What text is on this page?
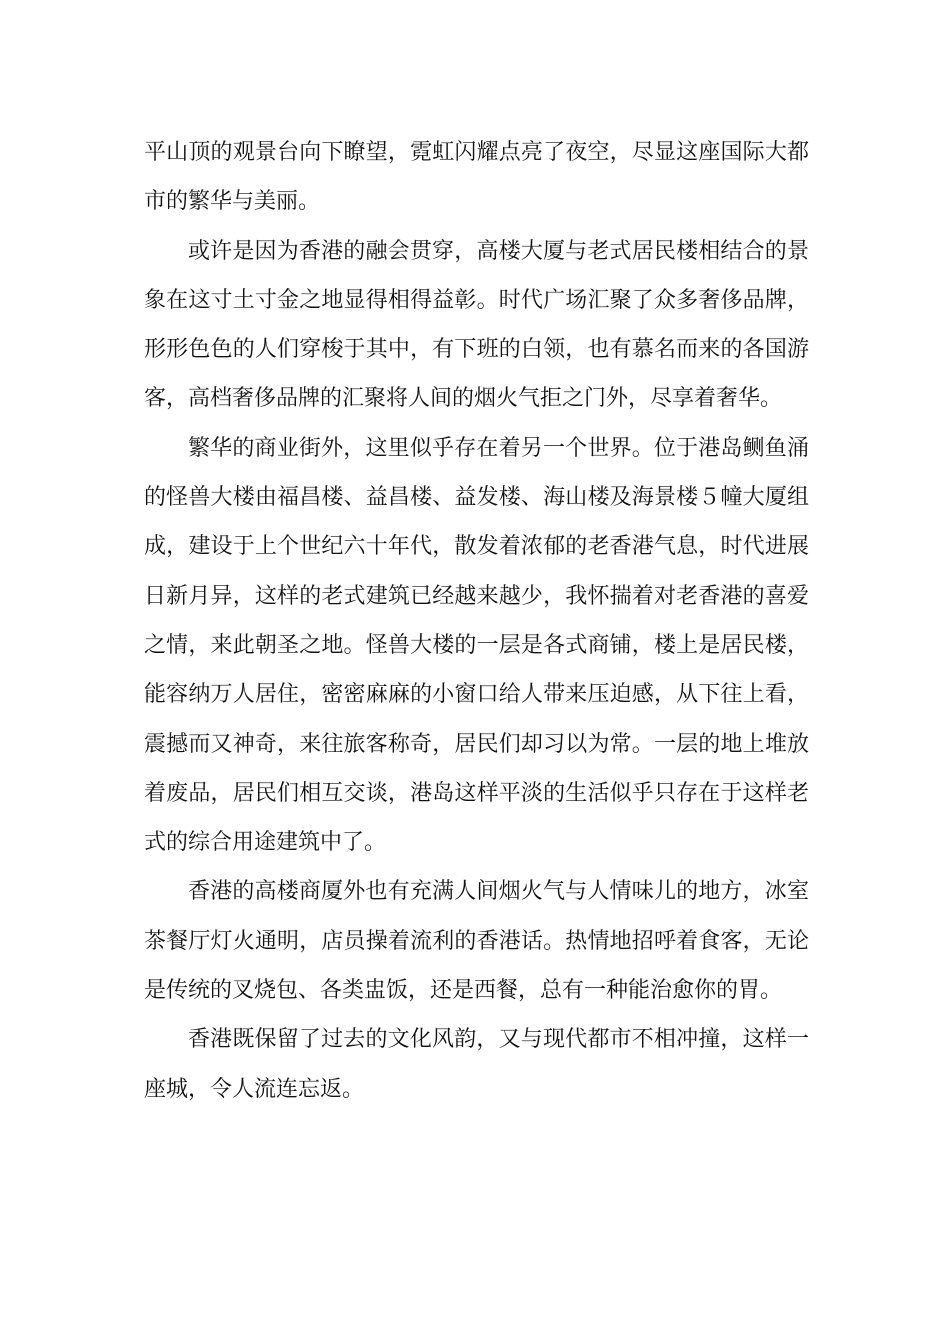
平山顶的观景台向下瞭望，霓虹闪耀点亮了夜空，尽显这座国际大都市的繁华与美丽。

或许是因为香港的融会贯穿，高楼大厦与老式居民楼相结合的景象在这寸土寸金之地显得相得益彰。时代广场汇聚了众多奢侈品牌，形形色色的人们穿梭于其中，有下班的白领，也有慕名而来的各国游客，高档奢侈品牌的汇聚将人间的烟火气拒之门外，尽享着奢华。

繁华的商业街外，这里似乎存在着另一个世界。位于港岛鲗鱼涌的怪兽大楼由福昌楼、益昌楼、益发楼、海山楼及海景楼５幢大厦组成，建设于上个世纪六十年代，散发着浓郁的老香港气息，时代进展日新月异，这样的老式建筑已经越来越少，我怀揣着对老香港的喜爱之情，来此朝圣之地。怪兽大楼的一层是各式商铺，楼上是居民楼，能容纳万人居住，密密麻麻的小窗口给人带来压迫感，从下往上看，震撼而又神奇，来往旅客称奇，居民们却习以为常。一层的地上堆放着废品，居民们相互交谈，港岛这样平淡的生活似乎只存在于这样老式的综合用途建筑中了。

香港的高楼商厦外也有充满人间烟火气与人情味儿的地方，冰室茶餐厅灯火通明，店员操着流利的香港话。热情地招呼着食客，无论是传统的叉烧包、各类盅饭，还是西餐，总有一种能治愈你的胃。

香港既保留了过去的文化风韵，又与现代都市不相冲撞，这样一座城，令人流连忘返。
